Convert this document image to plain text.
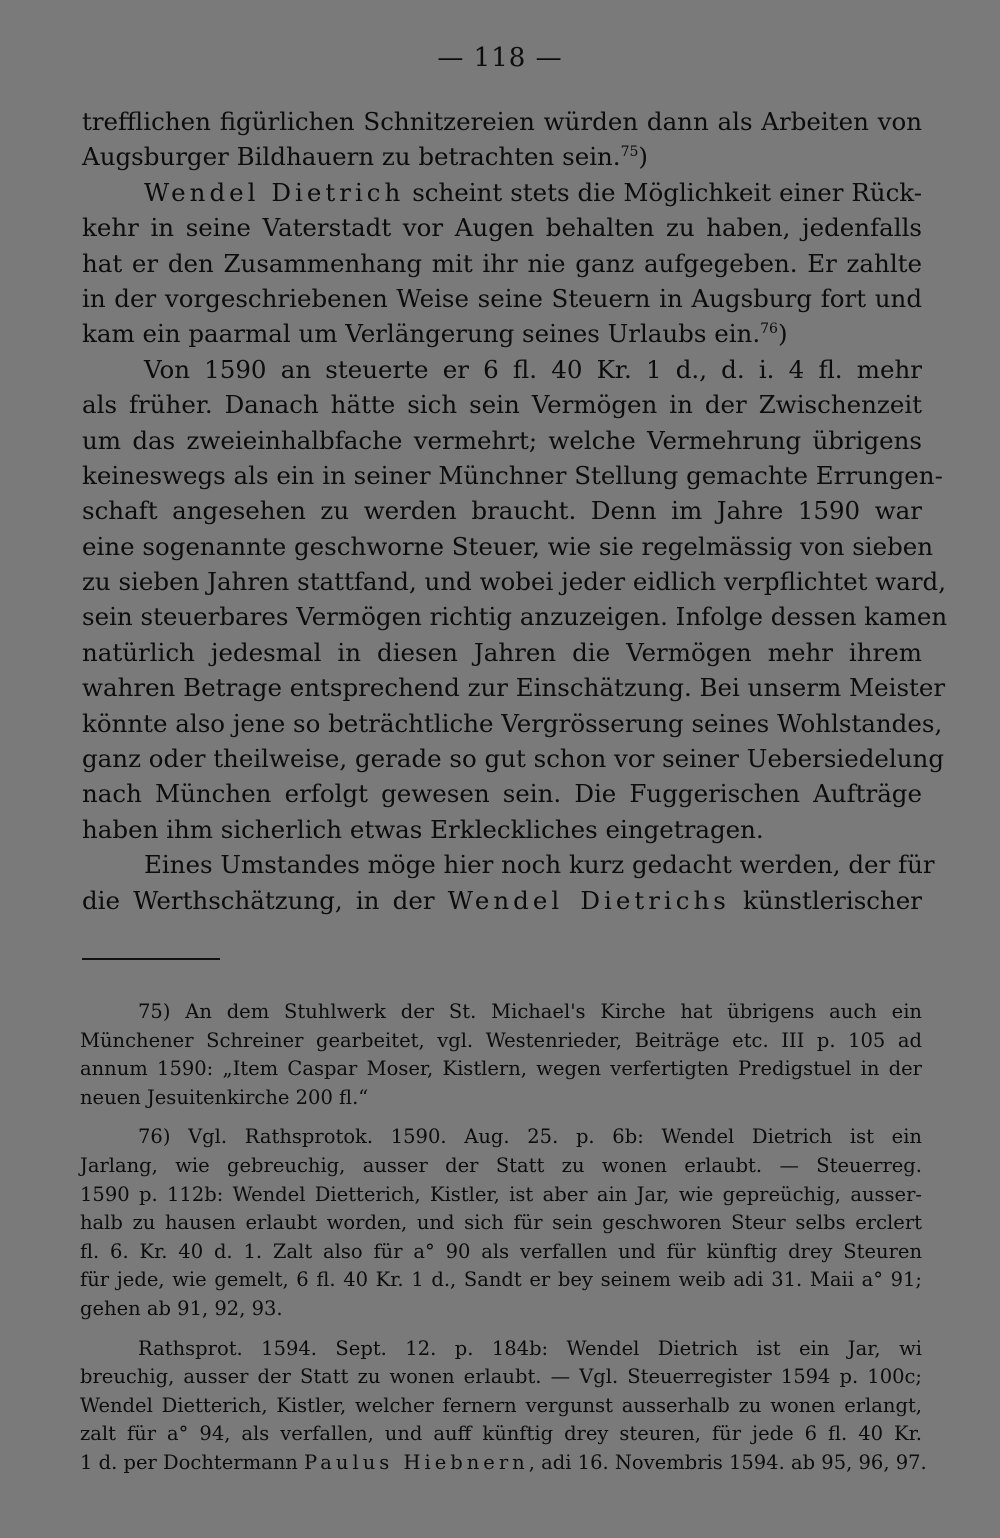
— 118 —
trefflichen figürlichen Schnitzereien würden dann als Arbeiten von
Augsburger Bildhauern zu betrachten sein.$^{75}$)
Wendel Dietrich scheint stets die Möglichkeit einer Rück-
kehr in seine Vaterstadt vor Augen behalten zu haben, jedenfalls
hat er den Zusammenhang mit ihr nie ganz aufgegeben. Er zahlte
in der vorgeschriebenen Weise seine Steuern in Augsburg fort und
kam ein paarmal um Verlängerung seines Urlaubs ein.$^{76}$)
Von 1590 an steuerte er 6 fl. 40 Kr. 1 d., d. i. 4 fl. mehr
als früher. Danach hätte sich sein Vermögen in der Zwischenzeit
um das zweieinhalbfache vermehrt; welche Vermehrung übrigens
keineswegs als ein in seiner Münchner Stellung gemachte Errungen-
schaft angesehen zu werden braucht. Denn im Jahre 1590 war
eine sogenannte geschworne Steuer, wie sie regelmässig von sieben
zu sieben Jahren stattfand, und wobei jeder eidlich verpflichtet ward,
sein steuerbares Vermögen richtig anzuzeigen. Infolge dessen kamen
natürlich jedesmal in diesen Jahren die Vermögen mehr ihrem
wahren Betrage entsprechend zur Einschätzung. Bei unserm Meister
könnte also jene so beträchtliche Vergrösserung seines Wohlstandes,
ganz oder theilweise, gerade so gut schon vor seiner Uebersiedelung
nach München erfolgt gewesen sein. Die Fuggerischen Aufträge
haben ihm sicherlich etwas Erkleckliches eingetragen.
Eines Umstandes möge hier noch kurz gedacht werden, der für
die Werthschätzung, in der Wendel Dietrichs künstlerischer
75) An dem Stuhlwerk der St. Michael's Kirche hat übrigens auch ein
Münchener Schreiner gearbeitet, vgl. Westenrieder, Beiträge etc. III p. 105 ad
annum 1590: „Item Caspar Moser, Kistlern, wegen verfertigten Predigstuel in der
neuen Jesuitenkirche 200 fl.“
76) Vgl. Rathsprotok. 1590. Aug. 25. p. 6b: Wendel Dietrich ist ein
Jarlang, wie gebreuchig, ausser der Statt zu wonen erlaubt. — Steuerreg.
1590 p. 112b: Wendel Dietterich, Kistler, ist aber ain Jar, wie gepreüchig, ausser-
halb zu hausen erlaubt worden, und sich für sein geschworen Steur selbs erclert
fl. 6. Kr. 40 d. 1. Zalt also für a° 90 als verfallen und für künftig drey Steuren
für jede, wie gemelt, 6 fl. 40 Kr. 1 d., Sandt er bey seinem weib adi 31. Maii a° 91;
gehen ab 91, 92, 93.
Rathsprot. 1594. Sept. 12. p. 184b: Wendel Dietrich ist ein Jar, wi
breuchig, ausser der Statt zu wonen erlaubt. — Vgl. Steuerregister 1594 p. 100c;
Wendel Dietterich, Kistler, welcher fernern vergunst ausserhalb zu wonen erlangt,
zalt für a° 94, als verfallen, und auff künftig drey steuren, für jede 6 fl. 40 Kr.
1 d. per Dochtermann Paulus Hiebnern, adi 16. Novembris 1594. ab 95, 96, 97.
